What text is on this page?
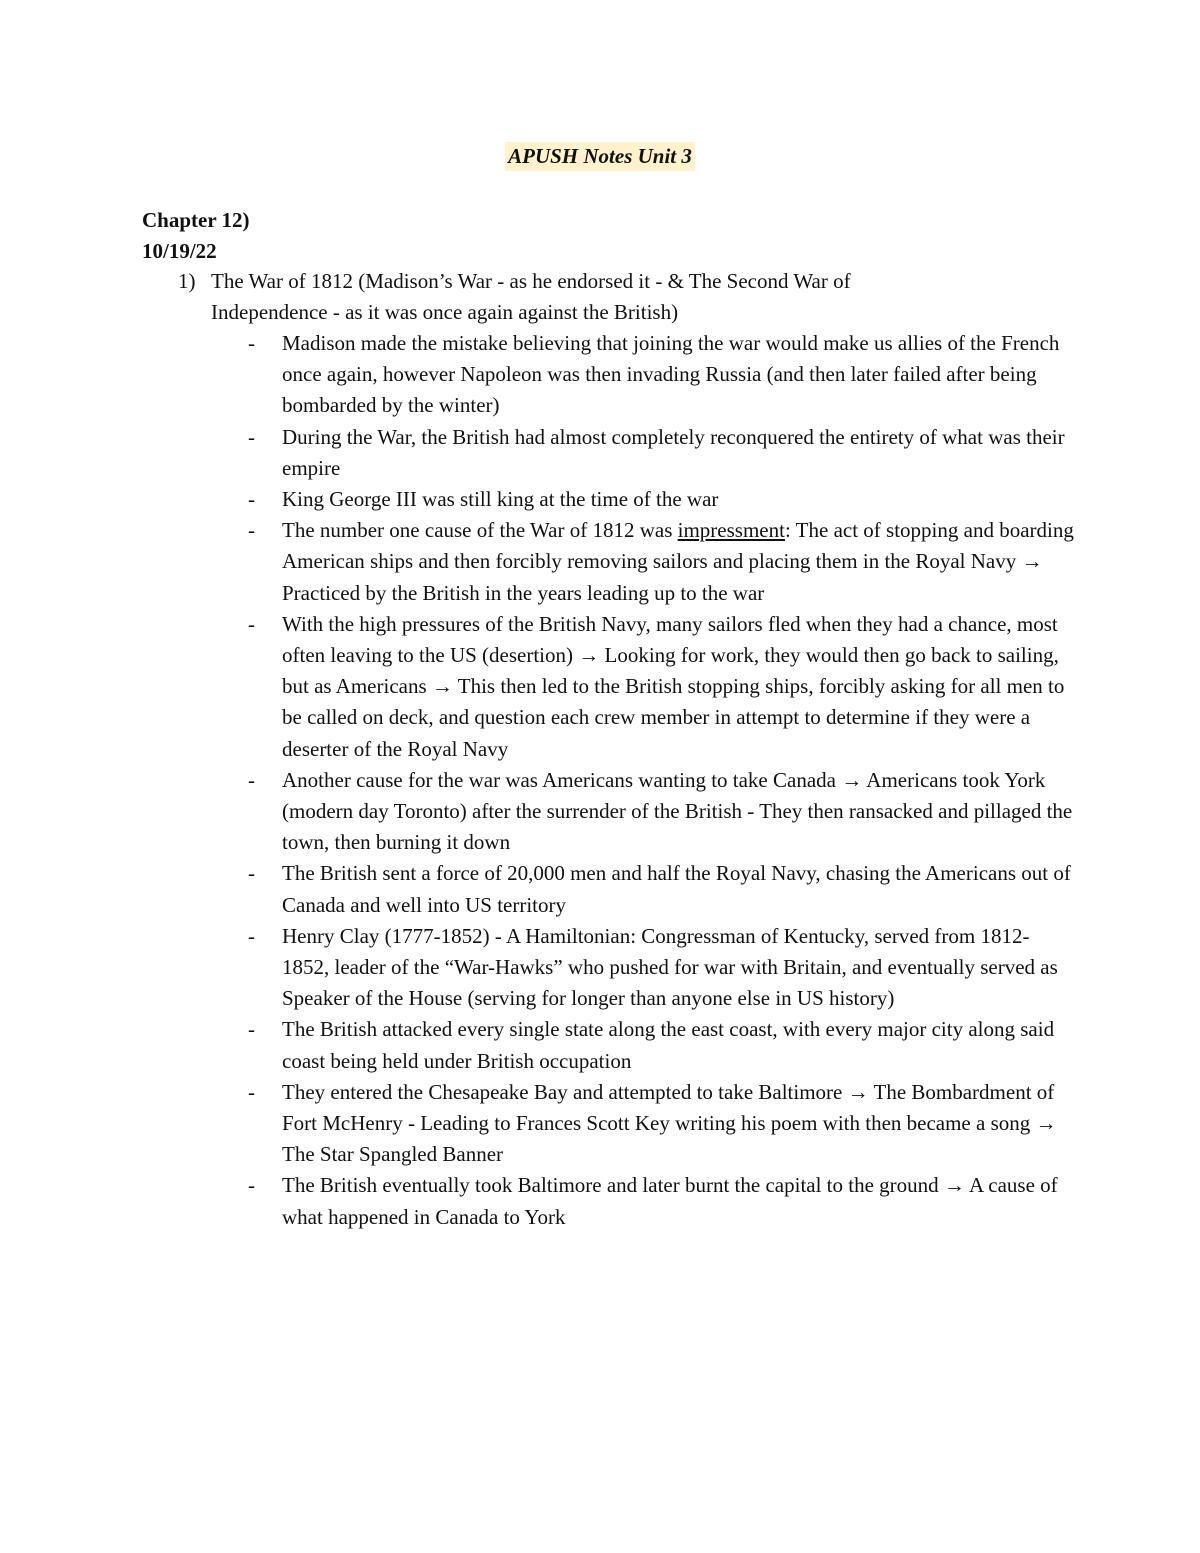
APUSH Notes Unit 3
Chapter 12)
10/19/22
1) The War of 1812 (Madison’s War - as he endorsed it - & The Second War of Independence - as it was once again against the British)
- Madison made the mistake believing that joining the war would make us allies of the French once again, however Napoleon was then invading Russia (and then later failed after being bombarded by the winter)
- During the War, the British had almost completely reconquered the entirety of what was their empire
- King George III was still king at the time of the war
- The number one cause of the War of 1812 was impressment: The act of stopping and boarding American ships and then forcibly removing sailors and placing them in the Royal Navy → Practiced by the British in the years leading up to the war
- With the high pressures of the British Navy, many sailors fled when they had a chance, most often leaving to the US (desertion) → Looking for work, they would then go back to sailing, but as Americans → This then led to the British stopping ships, forcibly asking for all men to be called on deck, and question each crew member in attempt to determine if they were a deserter of the Royal Navy
- Another cause for the war was Americans wanting to take Canada → Americans took York (modern day Toronto) after the surrender of the British - They then ransacked and pillaged the town, then burning it down
- The British sent a force of 20,000 men and half the Royal Navy, chasing the Americans out of Canada and well into US territory
- Henry Clay (1777-1852) - A Hamiltonian: Congressman of Kentucky, served from 1812-1852, leader of the “War-Hawks” who pushed for war with Britain, and eventually served as Speaker of the House (serving for longer than anyone else in US history)
- The British attacked every single state along the east coast, with every major city along said coast being held under British occupation
- They entered the Chesapeake Bay and attempted to take Baltimore → The Bombardment of Fort McHenry - Leading to Frances Scott Key writing his poem with then became a song → The Star Spangled Banner
- The British eventually took Baltimore and later burnt the capital to the ground → A cause of what happened in Canada to York
